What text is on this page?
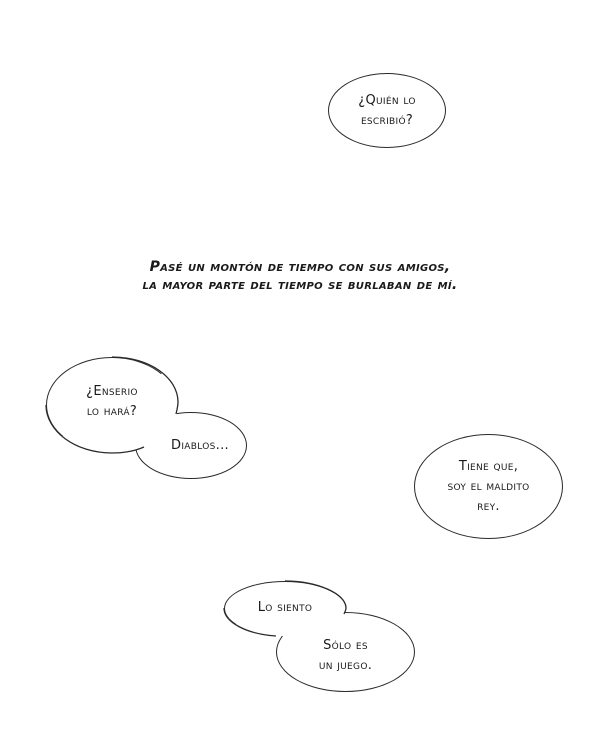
¿Quién lo
escribió?
Pasé un montón de tiempo con sus amigos,
la mayor parte del tiempo se burlaban de mí.
Diablos...
¿Enserio
lo hará?
Tiene que,
soy el maldito
rey.
Sólo es
un juego.
Lo siento
